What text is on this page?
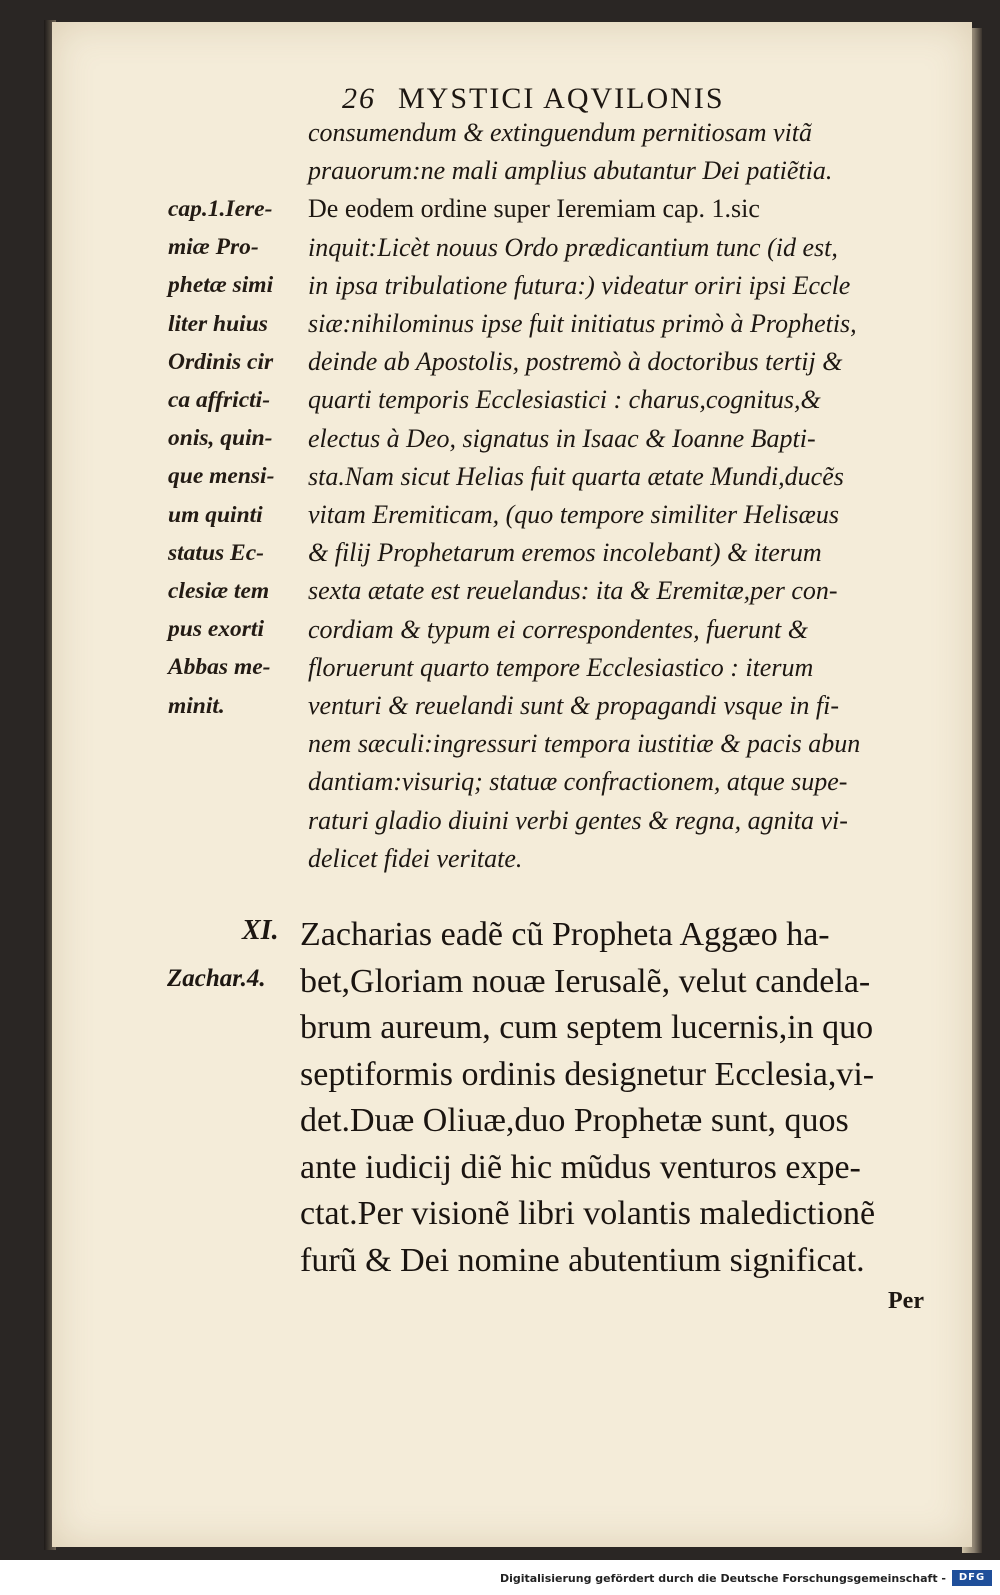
26 MYSTICI AQVILONIS
consumendum & extinguendum pernitiosam vitã
prauorum:ne mali amplius abutantur Dei patiẽtia.
De eodem ordine super Ieremiam cap. 1.sic
inquit:Licèt nouus Ordo prædicantium tunc (id est,
in ipsa tribulatione futura:) videatur oriri ipsi Eccle
siæ:nihilominus ipse fuit initiatus primò à Prophetis,
deinde ab Apostolis, postremò à doctoribus tertij &
quarti temporis Ecclesiastici : charus,cognitus,&
electus à Deo, signatus in Isaac & Ioanne Bapti-
sta.Nam sicut Helias fuit quarta ætate Mundi,ducẽs
vitam Eremiticam, (quo tempore similiter Helisæus
& filij Prophetarum eremos incolebant) & iterum
sexta ætate est reuelandus: ita & Eremitæ,per con-
cordiam & typum ei correspondentes, fuerunt &
floruerunt quarto tempore Ecclesiastico : iterum
venturi & reuelandi sunt & propagandi vsque in fi-
nem sæculi:ingressuri tempora iustitiæ & pacis abun
dantiam:visuriq; statuæ confractionem, atque supe-
raturi gladio diuini verbi gentes & regna, agnita vi-
delicet fidei veritate.
cap.1.Iere-
miæ Pro-
phetæ simi
liter huius
Ordinis cir
ca affricti-
onis, quin-
que mensi-
um quinti
status Ec-
clesiæ tem
pus exorti
Abbas me-
minit.
XI.
Zachar.4.
Zacharias eadẽ cũ Propheta Aggæo ha-
bet,Gloriam nouæ Ierusalẽ, velut candela-
brum aureum, cum septem lucernis,in quo
septiformis ordinis designetur Ecclesia,vi-
det.Duæ Oliuæ,duo Prophetæ sunt, quos
ante iudicij diẽ hic mũdus venturos expe-
ctat.Per visionẽ libri volantis maledictionẽ
furũ & Dei nomine abutentium significat.
Per
Digitalisierung gefördert durch die Deutsche Forschungsgemeinschaft -	DFG
